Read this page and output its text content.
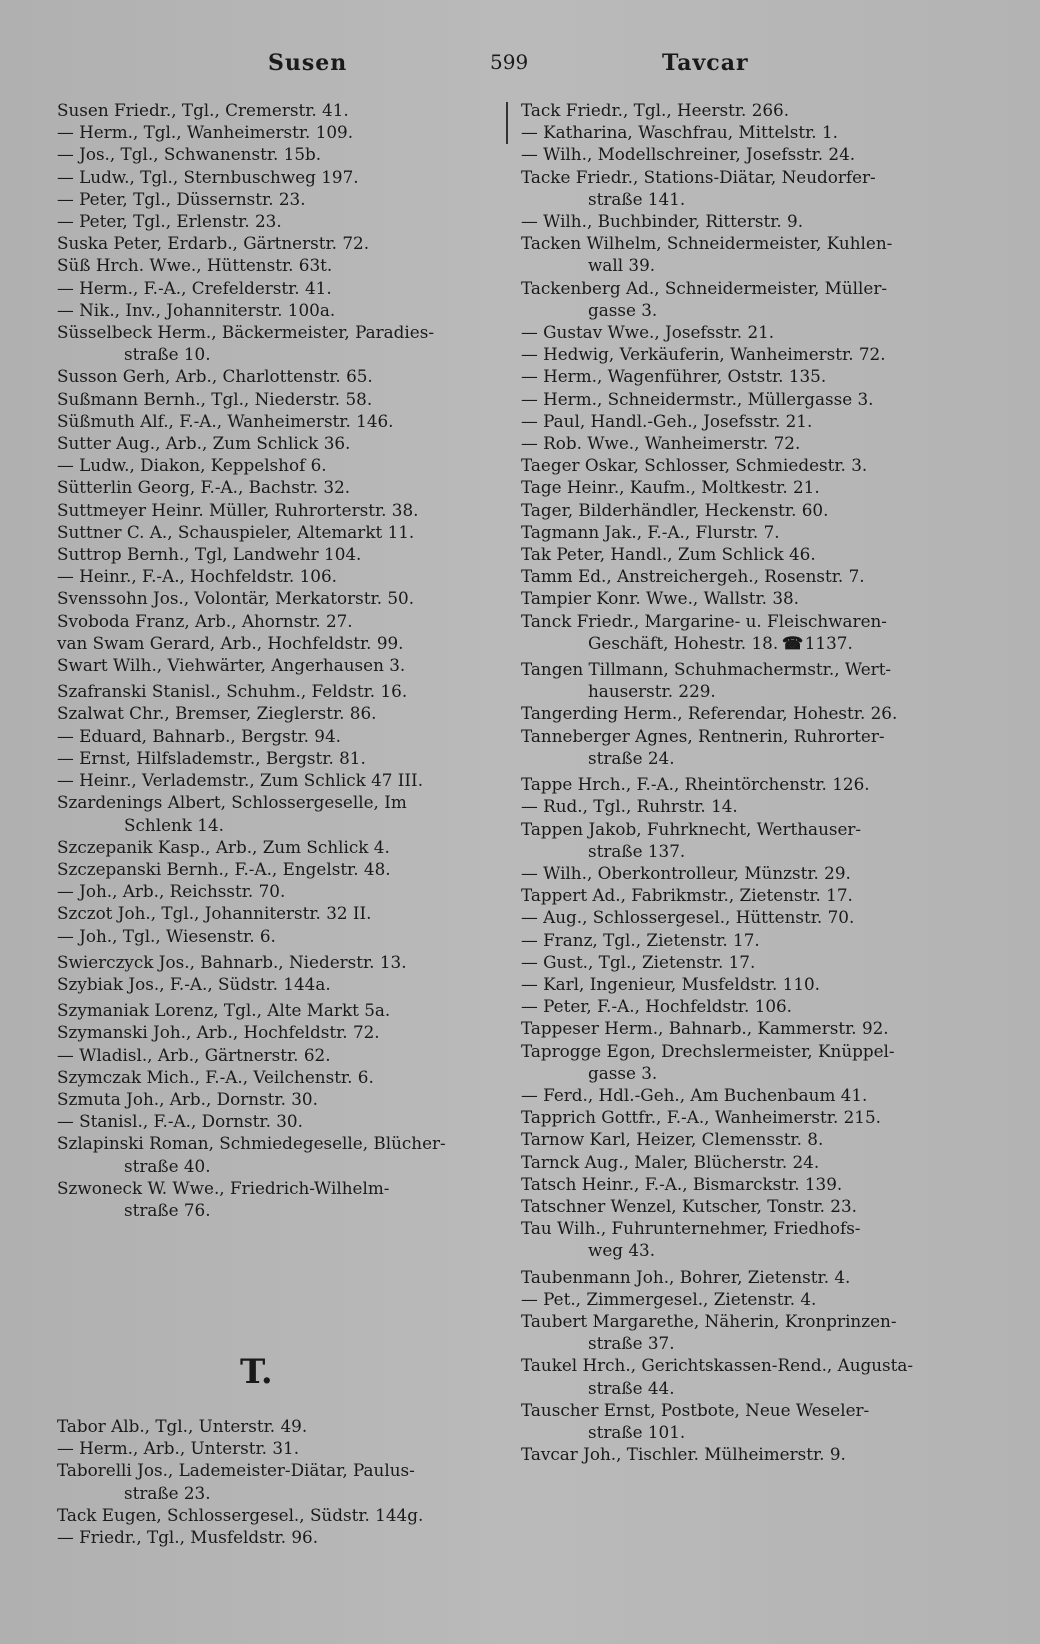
Susen	599	Tavcar
Susen Friedr., Tgl., Cremerstr. 41.
— Herm., Tgl., Wanheimerstr. 109.
— Jos., Tgl., Schwanenstr. 15b.
— Ludw., Tgl., Sternbuschweg 197.
— Peter, Tgl., Düssernstr. 23.
— Peter, Tgl., Erlenstr. 23.
Suska Peter, Erdarb., Gärtnerstr. 72.
Süß Hrch. Wwe., Hüttenstr. 63t.
— Herm., F.-A., Crefelderstr. 41.
— Nik., Inv., Johanniterstr. 100a.
Süsselbeck Herm., Bäckermeister, Paradies-
straße 10.
Susson Gerh, Arb., Charlottenstr. 65.
Sußmann Bernh., Tgl., Niederstr. 58.
Süßmuth Alf., F.-A., Wanheimerstr. 146.
Sutter Aug., Arb., Zum Schlick 36.
— Ludw., Diakon, Keppelshof 6.
Sütterlin Georg, F.-A., Bachstr. 32.
Suttmeyer Heinr. Müller, Ruhrorterstr. 38.
Suttner C. A., Schauspieler, Altemarkt 11.
Suttrop Bernh., Tgl, Landwehr 104.
— Heinr., F.-A., Hochfeldstr. 106.
Svenssohn Jos., Volontär, Merkatorstr. 50.
Svoboda Franz, Arb., Ahornstr. 27.
van Swam Gerard, Arb., Hochfeldstr. 99.
Swart Wilh., Viehwärter, Angerhausen 3.
Szafranski Stanisl., Schuhm., Feldstr. 16.
Szalwat Chr., Bremser, Zieglerstr. 86.
— Eduard, Bahnarb., Bergstr. 94.
— Ernst, Hilfslademstr., Bergstr. 81.
— Heinr., Verlademstr., Zum Schlick 47 III.
Szardenings Albert, Schlossergeselle, Im
Schlenk 14.
Szczepanik Kasp., Arb., Zum Schlick 4.
Szczepanski Bernh., F.-A., Engelstr. 48.
— Joh., Arb., Reichsstr. 70.
Szczot Joh., Tgl., Johanniterstr. 32 II.
— Joh., Tgl., Wiesenstr. 6.
Swierczyck Jos., Bahnarb., Niederstr. 13.
Szybiak Jos., F.-A., Südstr. 144a.
Szymaniak Lorenz, Tgl., Alte Markt 5a.
Szymanski Joh., Arb., Hochfeldstr. 72.
— Wladisl., Arb., Gärtnerstr. 62.
Szymczak Mich., F.-A., Veilchenstr. 6.
Szmuta Joh., Arb., Dornstr. 30.
— Stanisl., F.-A., Dornstr. 30.
Szlapinski Roman, Schmiedegeselle, Blücher-
straße 40.
Szwoneck W. Wwe., Friedrich-Wilhelm-
straße 76.
T.
Tabor Alb., Tgl., Unterstr. 49.
— Herm., Arb., Unterstr. 31.
Taborelli Jos., Lademeister-Diätar, Paulus-
straße 23.
Tack Eugen, Schlossergesel., Südstr. 144g.
— Friedr., Tgl., Musfeldstr. 96.
Tack Friedr., Tgl., Heerstr. 266.
— Katharina, Waschfrau, Mittelstr. 1.
— Wilh., Modellschreiner, Josefsstr. 24.
Tacke Friedr., Stations-Diätar, Neudorfer-
straße 141.
— Wilh., Buchbinder, Ritterstr. 9.
Tacken Wilhelm, Schneidermeister, Kuhlen-
wall 39.
Tackenberg Ad., Schneidermeister, Müller-
gasse 3.
— Gustav Wwe., Josefsstr. 21.
— Hedwig, Verkäuferin, Wanheimerstr. 72.
— Herm., Wagenführer, Oststr. 135.
— Herm., Schneidermstr., Müllergasse 3.
— Paul, Handl.-Geh., Josefsstr. 21.
— Rob. Wwe., Wanheimerstr. 72.
Taeger Oskar, Schlosser, Schmiedestr. 3.
Tage Heinr., Kaufm., Moltkestr. 21.
Tager, Bilderhändler, Heckenstr. 60.
Tagmann Jak., F.-A., Flurstr. 7.
Tak Peter, Handl., Zum Schlick 46.
Tamm Ed., Anstreichergeh., Rosenstr. 7.
Tampier Konr. Wwe., Wallstr. 38.
Tanck Friedr., Margarine- u. Fleischwaren-
Geschäft, Hohestr. 18. ☎ 1137.
Tangen Tillmann, Schuhmachermstr., Wert-
hauserstr. 229.
Tangerding Herm., Referendar, Hohestr. 26.
Tanneberger Agnes, Rentnerin, Ruhrorter-
straße 24.
Tappe Hrch., F.-A., Rheintörchenstr. 126.
— Rud., Tgl., Ruhrstr. 14.
Tappen Jakob, Fuhrknecht, Werthauser-
straße 137.
— Wilh., Oberkontrolleur, Münzstr. 29.
Tappert Ad., Fabrikmstr., Zietenstr. 17.
— Aug., Schlossergesel., Hüttenstr. 70.
— Franz, Tgl., Zietenstr. 17.
— Gust., Tgl., Zietenstr. 17.
— Karl, Ingenieur, Musfeldstr. 110.
— Peter, F.-A., Hochfeldstr. 106.
Tappeser Herm., Bahnarb., Kammerstr. 92.
Taprogge Egon, Drechslermeister, Knüppel-
gasse 3.
— Ferd., Hdl.-Geh., Am Buchenbaum 41.
Tapprich Gottfr., F.-A., Wanheimerstr. 215.
Tarnow Karl, Heizer, Clemensstr. 8.
Tarnck Aug., Maler, Blücherstr. 24.
Tatsch Heinr., F.-A., Bismarckstr. 139.
Tatschner Wenzel, Kutscher, Tonstr. 23.
Tau Wilh., Fuhrunternehmer, Friedhofs-
weg 43.
Taubenmann Joh., Bohrer, Zietenstr. 4.
— Pet., Zimmergesel., Zietenstr. 4.
Taubert Margarethe, Näherin, Kronprinzen-
straße 37.
Taukel Hrch., Gerichtskassen-Rend., Augusta-
straße 44.
Tauscher Ernst, Postbote, Neue Weseler-
straße 101.
Tavcar Joh., Tischler. Mülheimerstr. 9.
